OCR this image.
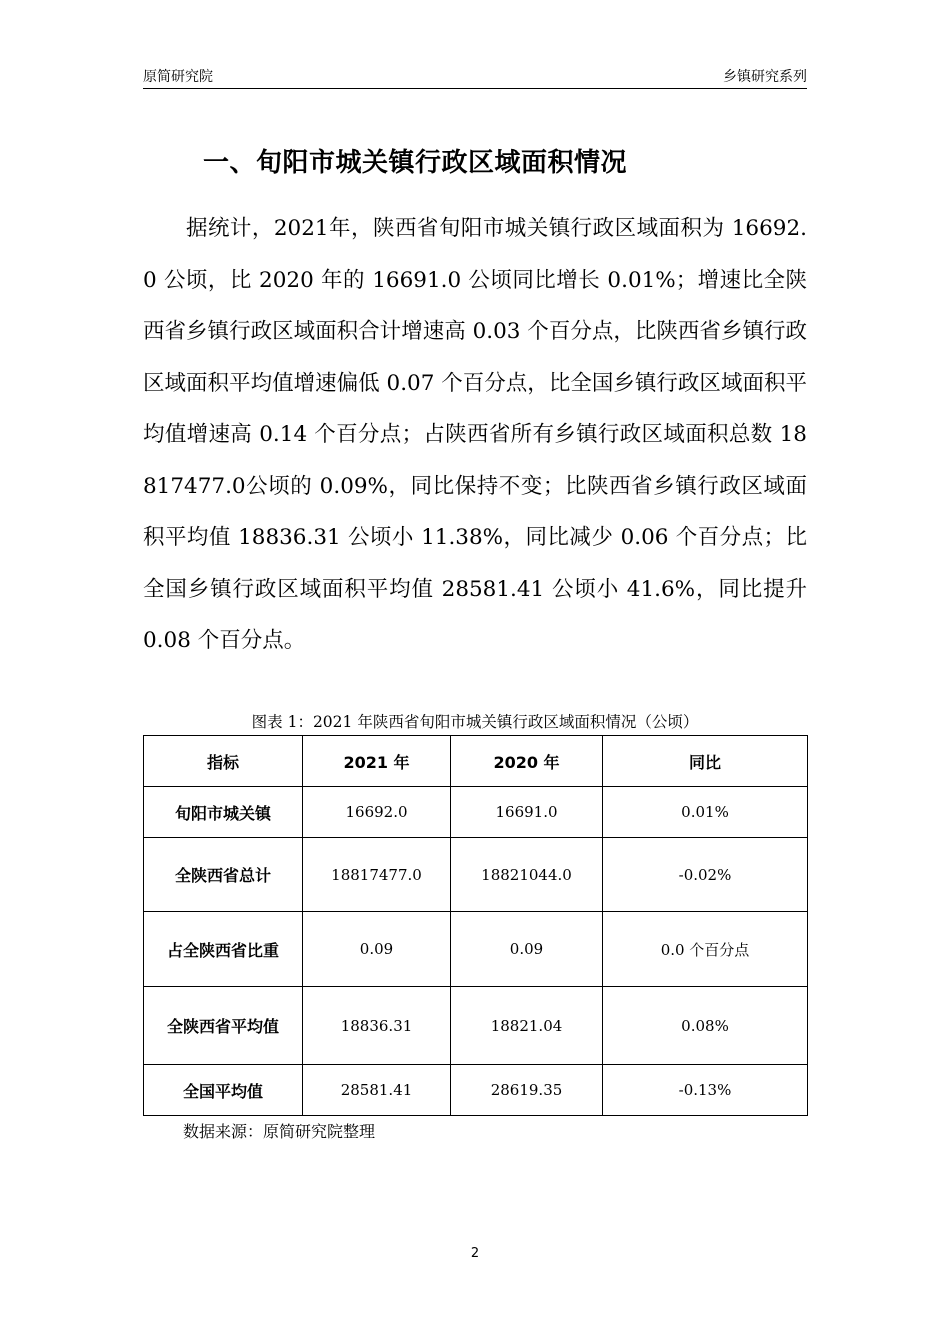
原简研究院	乡镇研究系列
一、旬阳市城关镇行政区域面积情况

据统计，2021年，陕西省旬阳市城关镇行政区域面积为 16692.0 公顷，比 2020 年的 16691.0 公顷同比增长 0.01%；增速比全陕西省乡镇行政区域面积合计增速高 0.03 个百分点，比陕西省乡镇行政区域面积平均值增速偏低 0.07 个百分点，比全国乡镇行政区域面积平均值增速高 0.14 个百分点；占陕西省所有乡镇行政区域面积总数 18817477.0公顷的 0.09%，同比保持不变；比陕西省乡镇行政区域面积平均值 18836.31 公顷小 11.38%，同比减少 0.06 个百分点；比全国乡镇行政区域面积平均值 28581.41 公顷小 41.6%，同比提升 0.08 个百分点。

图表 1：2021 年陕西省旬阳市城关镇行政区域面积情况（公顷）
指标	2021 年	2020 年	同比
旬阳市城关镇	16692.0	16691.0	0.01%
全陕西省总计	18817477.0	18821044.0	-0.02%
占全陕西省比重	0.09	0.09	0.0 个百分点
全陕西省平均值	18836.31	18821.04	0.08%
全国平均值	28581.41	28619.35	-0.13%
数据来源：原简研究院整理
2
